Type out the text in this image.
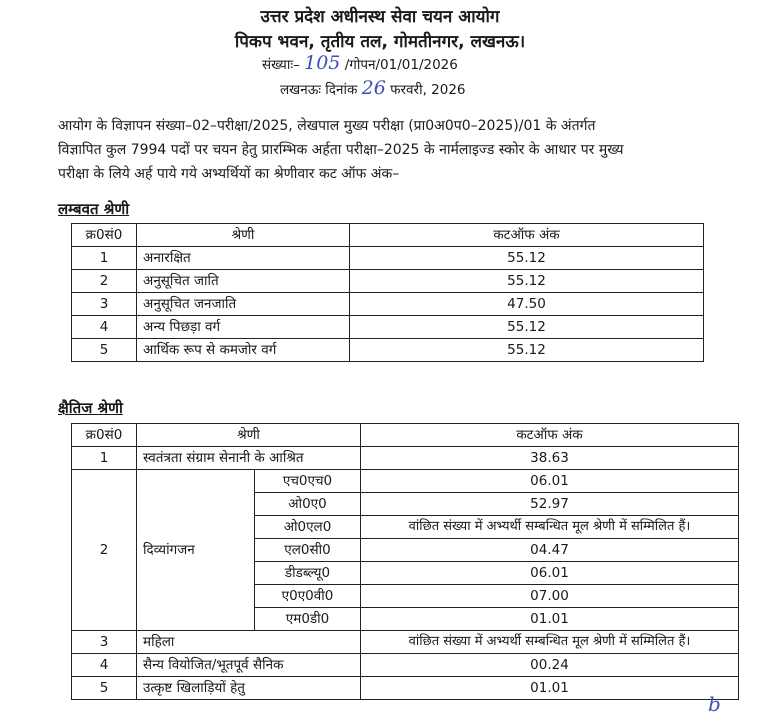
उत्तर प्रदेश अधीनस्थ सेवा चयन आयोग
पिकप भवन, तृतीय तल, गोमतीनगर, लखनऊ।
संख्याः– 105 /गोपन/01/01/2026
लखनऊः दिनांक 26 फरवरी, 2026
आयोग के विज्ञापन संख्या–02–परीक्षा/2025, लेखपाल मुख्य परीक्षा (प्रा0अ0प0–2025)/01 के अंतर्गत
विज्ञापित कुल 7994 पदों पर चयन हेतु प्रारम्भिक अर्हता परीक्षा–2025 के नार्मलाइज्ड स्कोर के आधार पर मुख्य
परीक्षा के लिये अर्ह पाये गये अभ्यर्थियों का श्रेणीवार कट ऑफ अंक–
लम्बवत श्रेणी
क्र0सं0	श्रेणी	कटऑफ अंक
1	अनारक्षित	55.12
2	अनुसूचित जाति	55.12
3	अनुसूचित जनजाति	47.50
4	अन्य पिछड़ा वर्ग	55.12
5	आर्थिक रूप से कमजोर वर्ग	55.12
क्षैतिज श्रेणी
क्र0सं0	श्रेणी		कटऑफ अंक
1	स्वतंत्रता संग्राम सेनानी के आश्रित		38.63
2	दिव्यांगजन	एच0एच0	06.01
		ओ0ए0	52.97
		ओ0एल0	वांछित संख्या में अभ्यर्थी सम्बन्धित मूल श्रेणी में सम्मिलित हैं।
		एल0सी0	04.47
		डीडब्ल्यू0	06.01
		ए0ए0वी0	07.00
		एम0डी0	01.01
3	महिला		वांछित संख्या में अभ्यर्थी सम्बन्धित मूल श्रेणी में सम्मिलित हैं।
4	सैन्य वियोजित/भूतपूर्व सैनिक		00.24
5	उत्कृष्ट खिलाड़ियों हेतु		01.01
b
